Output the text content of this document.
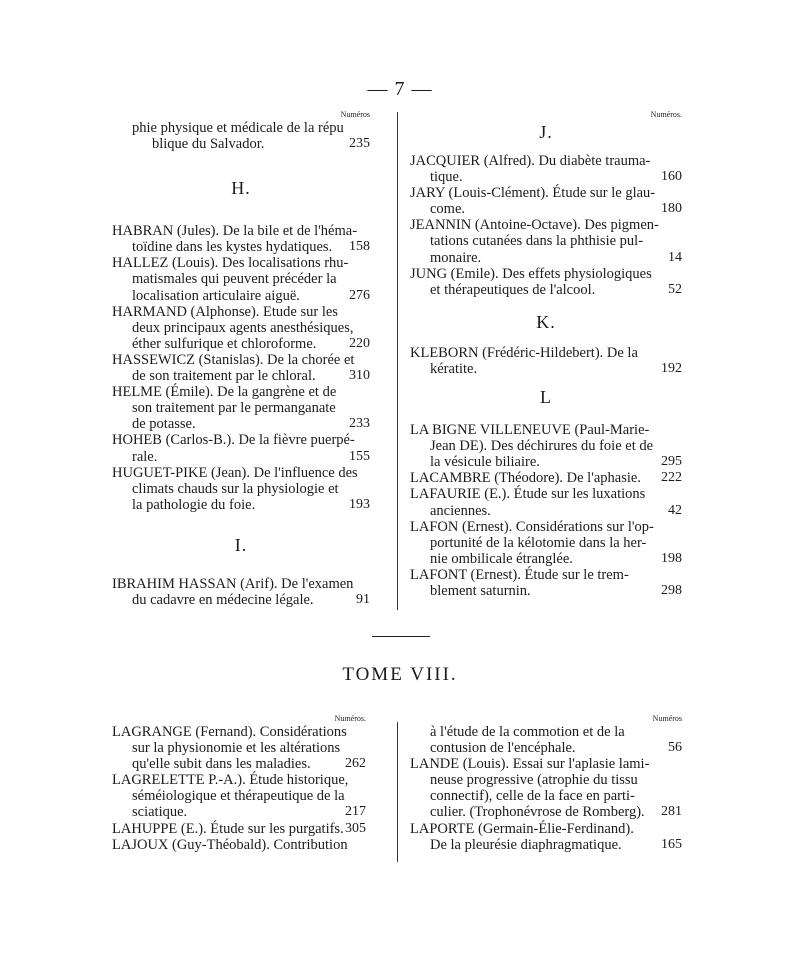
— 7 —
Numéros
phie physique et médicale de la répu
blique du Salvador.	235
H.
HABRAN (Jules). De la bile et de l'héma-
toïdine dans les kystes hydatiques.	158
HALLEZ (Louis). Des localisations rhu-
matismales qui peuvent précéder la
localisation articulaire aiguë.	276
HARMAND (Alphonse). Etude sur les
deux principaux agents anesthésiques,
éther sulfurique et chloroforme.	220
HASSEWICZ (Stanislas). De la chorée et
de son traitement par le chloral.	310
HELME (Émile). De la gangrène et de
son traitement par le permanganate
de potasse.	233
HOHEB (Carlos-B.). De la fièvre puerpé-
rale.	155
HUGUET-PIKE (Jean). De l'influence des
climats chauds sur la physiologie et
la pathologie du foie.	193
I.
IBRAHIM HASSAN (Arif). De l'examen
du cadavre en médecine légale.	91
Numéros.
J.
JACQUIER (Alfred). Du diabète trauma-
tique.	160
JARY (Louis-Clément). Étude sur le glau-
come.	180
JEANNIN (Antoine-Octave). Des pigmen-
tations cutanées dans la phthisie pul-
monaire.	14
JUNG (Emile). Des effets physiologiques
et thérapeutiques de l'alcool.	52
K.
KLEBORN (Frédéric-Hildebert). De la
kératite.	192
L
LA BIGNE VILLENEUVE (Paul-Marie-
Jean DE). Des déchirures du foie et de
la vésicule biliaire.	295
LACAMBRE (Théodore). De l'aphasie.	222
LAFAURIE (E.). Étude sur les luxations
anciennes.	42
LAFON (Ernest). Considérations sur l'op-
portunité de la kélotomie dans la her-
nie ombilicale étranglée.	198
LAFONT (Ernest). Étude sur le trem-
blement saturnin.	298
TOME VIII.
Numéros.
LAGRANGE (Fernand). Considérations
sur la physionomie et les altérations
qu'elle subit dans les maladies.	262
LAGRELETTE P.-A.). Étude historique,
séméiologique et thérapeutique de la
sciatique.	217
LAHUPPE (E.). Étude sur les purgatifs. 305
LAJOUX (Guy-Théobald). Contribution
Numéros
à l'étude de la commotion et de la
contusion de l'encéphale.	56
LANDE (Louis). Essai sur l'aplasie lami-
neuse progressive (atrophie du tissu
connectif), celle de la face en parti-
culier. (Trophonévrose de Romberg).	281
LAPORTE (Germain-Élie-Ferdinand).
De la pleurésie diaphragmatique.	165
